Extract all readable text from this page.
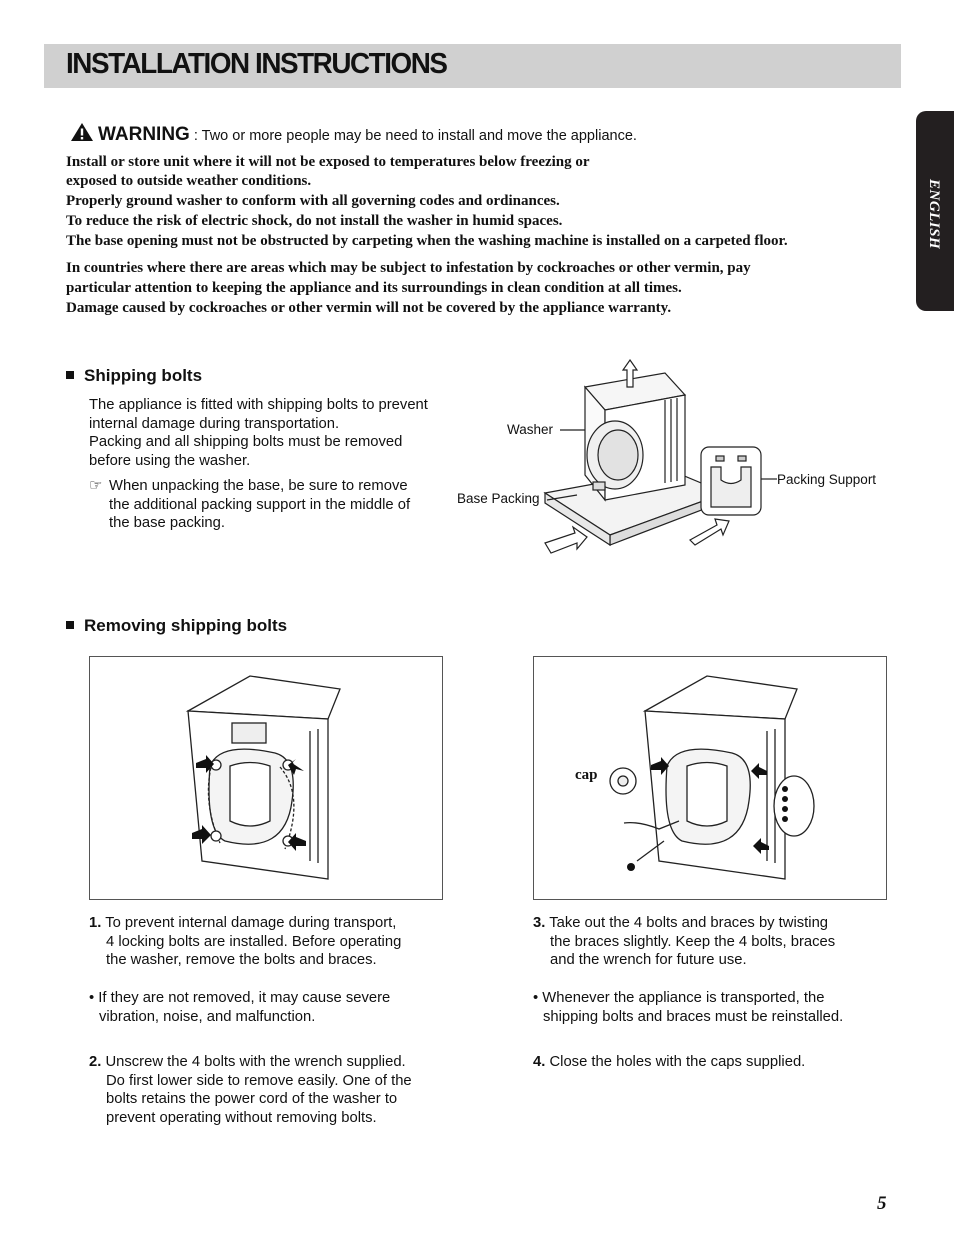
INSTALLATION INSTRUCTIONS
ENGLISH
WARNING : Two or more people may be need to install and move the appliance.
Install or store unit where it will not be exposed to temperatures below freezing or
exposed to outside weather conditions.
Properly ground washer to conform with all governing codes and ordinances.
To reduce the risk of electric shock, do not install the washer in humid spaces.
The base opening must not be obstructed by carpeting when the washing machine is installed on a carpeted floor.
In countries where there are areas which may be subject to infestation by cockroaches or other vermin, pay
particular attention to keeping the appliance and its surroundings in clean condition at all times.
Damage caused by cockroaches or other vermin will not be covered by the appliance warranty.
Shipping bolts
The appliance is fitted with shipping bolts to prevent
internal damage during transportation.
Packing and all shipping bolts must be removed
before using the washer.
☞ When unpacking the base, be sure to remove
the additional packing support in the middle of
the base packing.
Washer
Base Packing
Packing Support
Removing shipping bolts
cap
1. To prevent internal damage during transport,
4 locking bolts are installed. Before operating
the washer, remove the bolts and braces.
• If they are not removed, it may cause severe
vibration, noise, and malfunction.
2. Unscrew the 4 bolts with the wrench supplied.
Do first lower side to remove easily. One of the
bolts retains the power cord of the washer to
prevent operating without removing bolts.
3. Take out the 4 bolts and braces by twisting
the braces slightly. Keep the 4 bolts, braces
and the wrench for future use.
• Whenever the appliance is transported, the
shipping bolts and braces must be reinstalled.
4. Close the holes with the caps supplied.
5
